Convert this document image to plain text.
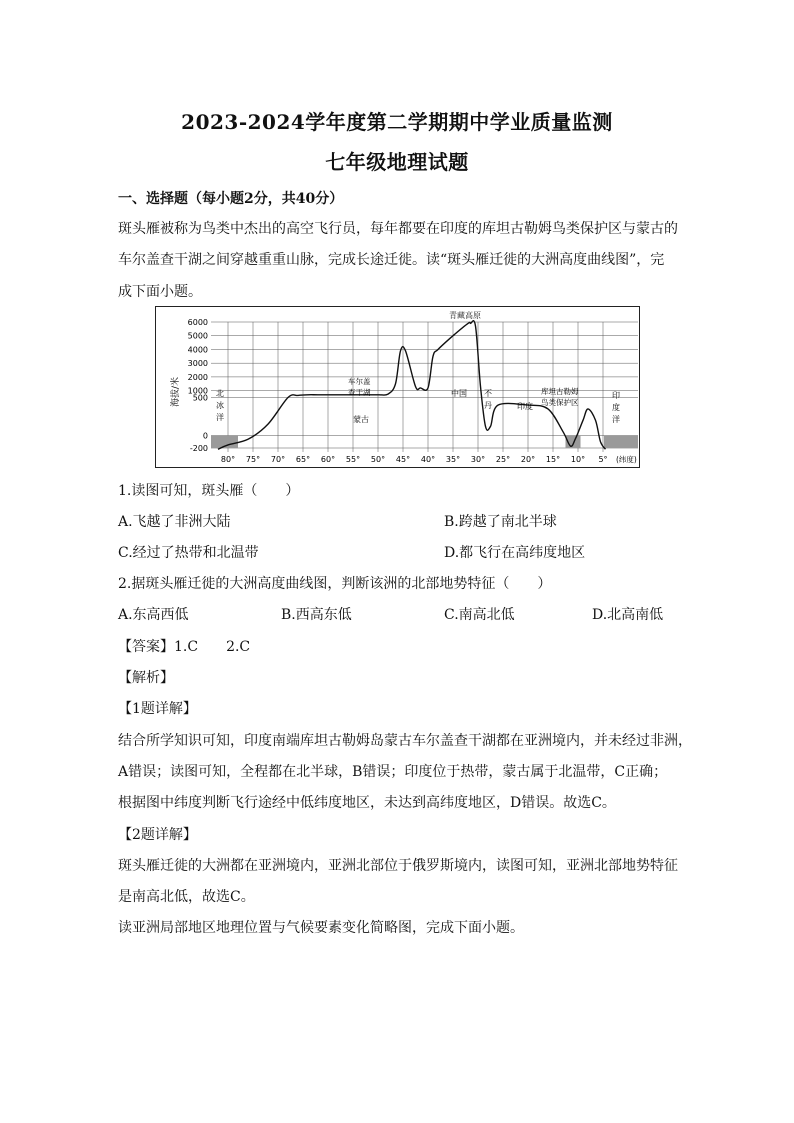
2023-2024学年度第二学期期中学业质量监测
七年级地理试题
一、选择题（每小题2分，共40分）
斑头雁被称为鸟类中杰出的高空飞行员，每年都要在印度的库坦古勒姆鸟类保护区与蒙古的
车尔盖查干湖之间穿越重重山脉，完成长途迁徙。读“斑头雁迁徙的大洲高度曲线图”，完
成下面小题。
海拔/米
6000
5000
4000
3000
2000
1000
500
0
-200
80° 75° 70° 65° 60° 55° 50° 45° 40° 35° 30° 25° 20° 15° 10° 5° (纬度)
青藏高原
北
冰
洋
车尔盖
查干湖
蒙古
中国 不
丹	印度
库坦古勒姆
鸟类保护区
印
度
洋
1.读图可知，斑头雁（　　）
A.飞越了非洲大陆	B.跨越了南北半球
C.经过了热带和北温带	D.都飞行在高纬度地区
2.据斑头雁迁徙的大洲高度曲线图，判断该洲的北部地势特征（　　）
A.东高西低	B.西高东低	C.南高北低	D.北高南低
【答案】1.C　　2.C
【解析】
【1题详解】
结合所学知识可知，印度南端库坦古勒姆岛蒙古车尔盖查干湖都在亚洲境内，并未经过非洲，
A错误；读图可知，全程都在北半球，B错误；印度位于热带，蒙古属于北温带，C正确；
根据图中纬度判断飞行途经中低纬度地区，未达到高纬度地区，D错误。故选C。
【2题详解】
斑头雁迁徙的大洲都在亚洲境内，亚洲北部位于俄罗斯境内，读图可知，亚洲北部地势特征
是南高北低，故选C。
读亚洲局部地区地理位置与气候要素变化简略图，完成下面小题。
